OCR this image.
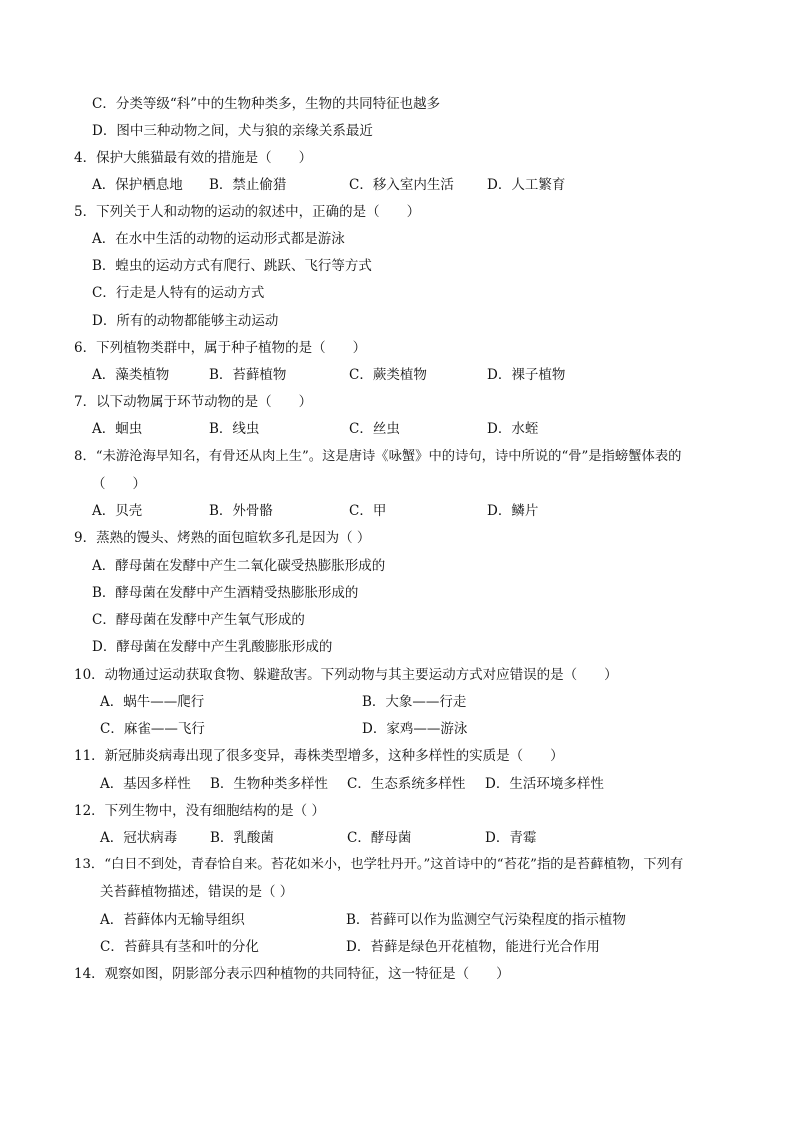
C．分类等级“科”中的生物种类多，生物的共同特征也越多
D．图中三种动物之间，犬与狼的亲缘关系最近
4．保护大熊猫最有效的措施是（　　）
A．保护栖息地 B．禁止偷猎	C．移入室内生活 D．人工繁育
5．下列关于人和动物的运动的叙述中，正确的是（　　）
A．在水中生活的动物的运动形式都是游泳
B．蝗虫的运动方式有爬行、跳跃、飞行等方式
C．行走是人特有的运动方式
D．所有的动物都能够主动运动
6．下列植物类群中，属于种子植物的是（　　）
A．藻类植物	B．苔藓植物	C．蕨类植物	D．裸子植物
7．以下动物属于环节动物的是（　　）
A．蛔虫	B．线虫	C．丝虫	D．水蛭
8．“未游沧海早知名，有骨还从肉上生”。这是唐诗《咏蟹》中的诗句，诗中所说的“骨”是指螃蟹体表的
（　　）
A．贝壳	B．外骨骼	C．甲	D．鳞片
9．蒸熟的馒头、烤熟的面包暄软多孔是因为（ ）
A．酵母菌在发酵中产生二氧化碳受热膨胀形成的
B．酵母菌在发酵中产生酒精受热膨胀形成的
C．酵母菌在发酵中产生氧气形成的
D．酵母菌在发酵中产生乳酸膨胀形成的
10．动物通过运动获取食物、躲避敌害。下列动物与其主要运动方式对应错误的是（　　）
A．蜗牛——爬行	B．大象——行走
C．麻雀——飞行	D．家鸡——游泳
11．新冠肺炎病毒出现了很多变异，毒株类型增多，这种多样性的实质是（　　）
A．基因多样性 B．生物种类多样性 C．生态系统多样性 D．生活环境多样性
12．下列生物中，没有细胞结构的是（ ）
A．冠状病毒 B．乳酸菌	C．酵母菌	D．青霉
13．“白日不到处，青春恰自来。苔花如米小，也学牡丹开。”这首诗中的“苔花”指的是苔藓植物，下列有
关苔藓植物描述，错误的是（ ）
A．苔藓体内无输导组织	B．苔藓可以作为监测空气污染程度的指示植物
C．苔藓具有茎和叶的分化	D．苔藓是绿色开花植物，能进行光合作用
14．观察如图，阴影部分表示四种植物的共同特征，这一特征是（　　）
